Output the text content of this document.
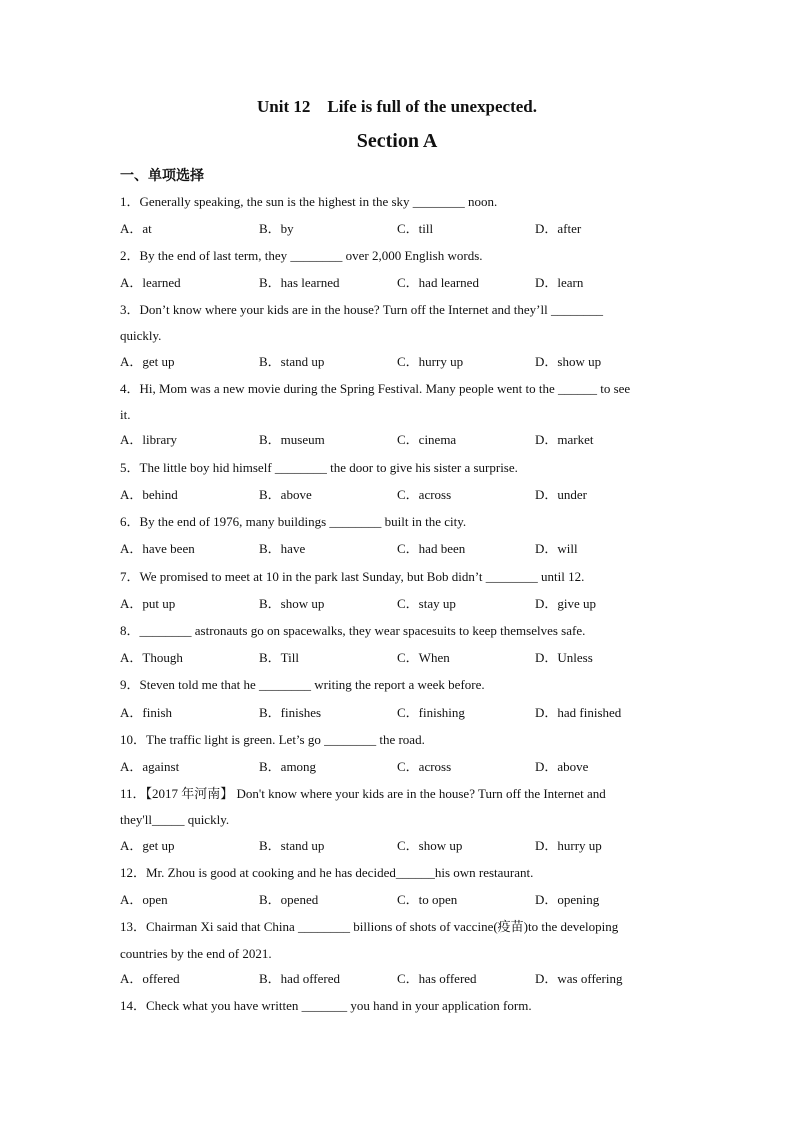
Unit 12    Life is full of the unexpected.
Section A
一、单项选择
1．Generally speaking, the sun is the highest in the sky ________ noon.
A．at	B．by	C．till	D．after
2．By the end of last term, they ________ over 2,000 English words.
A．learned	B．has learned	C．had learned	D．learn
3．Don’t know where your kids are in the house? Turn off the Internet and they’ll ________
quickly.
A．get up	B．stand up	C．hurry up	D．show up
4．Hi, Mom was a new movie during the Spring Festival. Many people went to the ______ to see
it.
A．library	B．museum	C．cinema	D．market
5．The little boy hid himself ________ the door to give his sister a surprise.
A．behind	B．above	C．across	D．under
6．By the end of 1976, many buildings ________ built in the city.
A．have been	B．have	C．had been	D．will
7．We promised to meet at 10 in the park last Sunday, but Bob didn’t ________ until 12.
A．put up	B．show up	C．stay up	D．give up
8．________ astronauts go on spacewalks, they wear spacesuits to keep themselves safe.
A．Though	B．Till	C．When	D．Unless
9．Steven told me that he ________ writing the report a week before.
A．finish	B．finishes	C．finishing	D．had finished
10．The traffic light is green. Let’s go ________ the road.
A．against	B．among	C．across	D．above
11．【2017 年河南】 Don't know where your kids are in the house? Turn off the Internet and
they'll_____ quickly.
A．get up	B．stand up	C．show up	D．hurry up
12．Mr. Zhou is good at cooking and he has decided______his own restaurant.
A．open	B．opened	C．to open	D．opening
13．Chairman Xi said that China ________ billions of shots of vaccine(疫苗)to the developing
countries by the end of 2021.
A．offered	B．had offered	C．has offered	D．was offering
14．Check what you have written _______ you hand in your application form.
